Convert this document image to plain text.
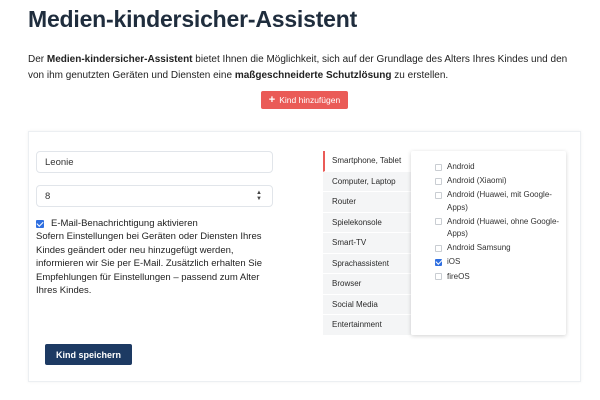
Medien-kindersicher-Assistent

Der Medien-kindersicher-Assistent bietet Ihnen die Möglichkeit, sich auf der Grundlage des Alters Ihres Kindes und den von ihm genutzten Geräten und Diensten eine maßgeschneiderte Schutzlösung zu erstellen.

+ Kind hinzufügen
Leonie
8	▲
▼
E-Mail-Benachrichtigung aktivieren

Sofern Einstellungen bei Geräten oder Diensten Ihres Kindes geändert oder neu hinzugefügt werden, informieren wir Sie per E-Mail. Zusätzlich erhalten Sie Empfehlungen für Einstellungen – passend zum Alter Ihres Kindes.

Kind speichern
Smartphone, Tablet
Computer, Laptop
Router
Spielekonsole
Smart-TV
Sprachassistent
Browser
Social Media
Entertainment
Android
Android (Xiaomi)
Android (Huawei, mit Google-Apps)
Android (Huawei, ohne Google-Apps)
Android Samsung
iOS
fireOS
